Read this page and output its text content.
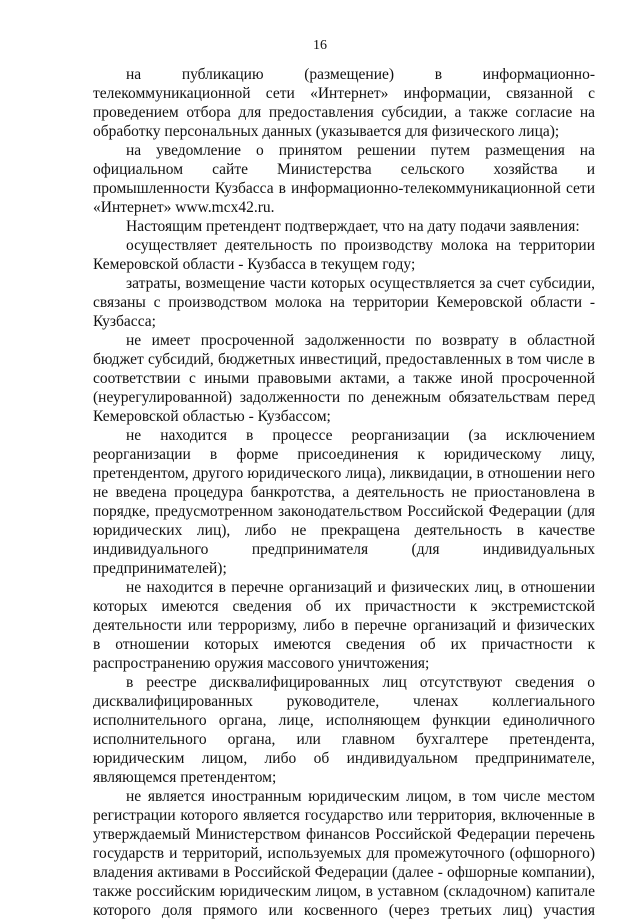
16
на публикацию (размещение) в информационно-
телекоммуникационной сети «Интернет» информации, связанной с
проведением отбора для предоставления субсидии, а также согласие на
обработку персональных данных (указывается для физического лица);
на уведомление о принятом решении путем размещения на
официальном сайте Министерства сельского хозяйства и
промышленности Кузбасса в информационно-телекоммуникационной сети
«Интернет» www.mcx42.ru.
Настоящим претендент подтверждает, что на дату подачи заявления:
осуществляет деятельность по производству молока на территории
Кемеровской области - Кузбасса в текущем году;
затраты, возмещение части которых осуществляется за счет субсидии,
связаны с производством молока на территории Кемеровской области -
Кузбасса;
не имеет просроченной задолженности по возврату в областной
бюджет субсидий, бюджетных инвестиций, предоставленных в том числе в
соответствии с иными правовыми актами, а также иной просроченной
(неурегулированной) задолженности по денежным обязательствам перед
Кемеровской областью - Кузбассом;
не находится в процессе реорганизации (за исключением
реорганизации в форме присоединения к юридическому лицу,
претендентом, другого юридического лица), ликвидации, в отношении него
не введена процедура банкротства, а деятельность не приостановлена в
порядке, предусмотренном законодательством Российской Федерации (для
юридических лиц), либо не прекращена деятельность в качестве
индивидуального предпринимателя (для индивидуальных
предпринимателей);
не находится в перечне организаций и физических лиц, в отношении
которых имеются сведения об их причастности к экстремистской
деятельности или терроризму, либо в перечне организаций и физических
в отношении которых имеются сведения об их причастности к
распространению оружия массового уничтожения;
в реестре дисквалифицированных лиц отсутствуют сведения о
дисквалифицированных руководителе, членах коллегиального
исполнительного органа, лице, исполняющем функции единоличного
исполнительного органа, или главном бухгалтере претендента,
юридическим лицом, либо об индивидуальном предпринимателе,
являющемся претендентом;
не является иностранным юридическим лицом, в том числе местом
регистрации которого является государство или территория, включенные в
утверждаемый Министерством финансов Российской Федерации перечень
государств и территорий, используемых для промежуточного (офшорного)
владения активами в Российской Федерации (далее - офшорные компании),
также российским юридическим лицом, в уставном (складочном) капитале
которого доля прямого или косвенного (через третьих лиц) участия
